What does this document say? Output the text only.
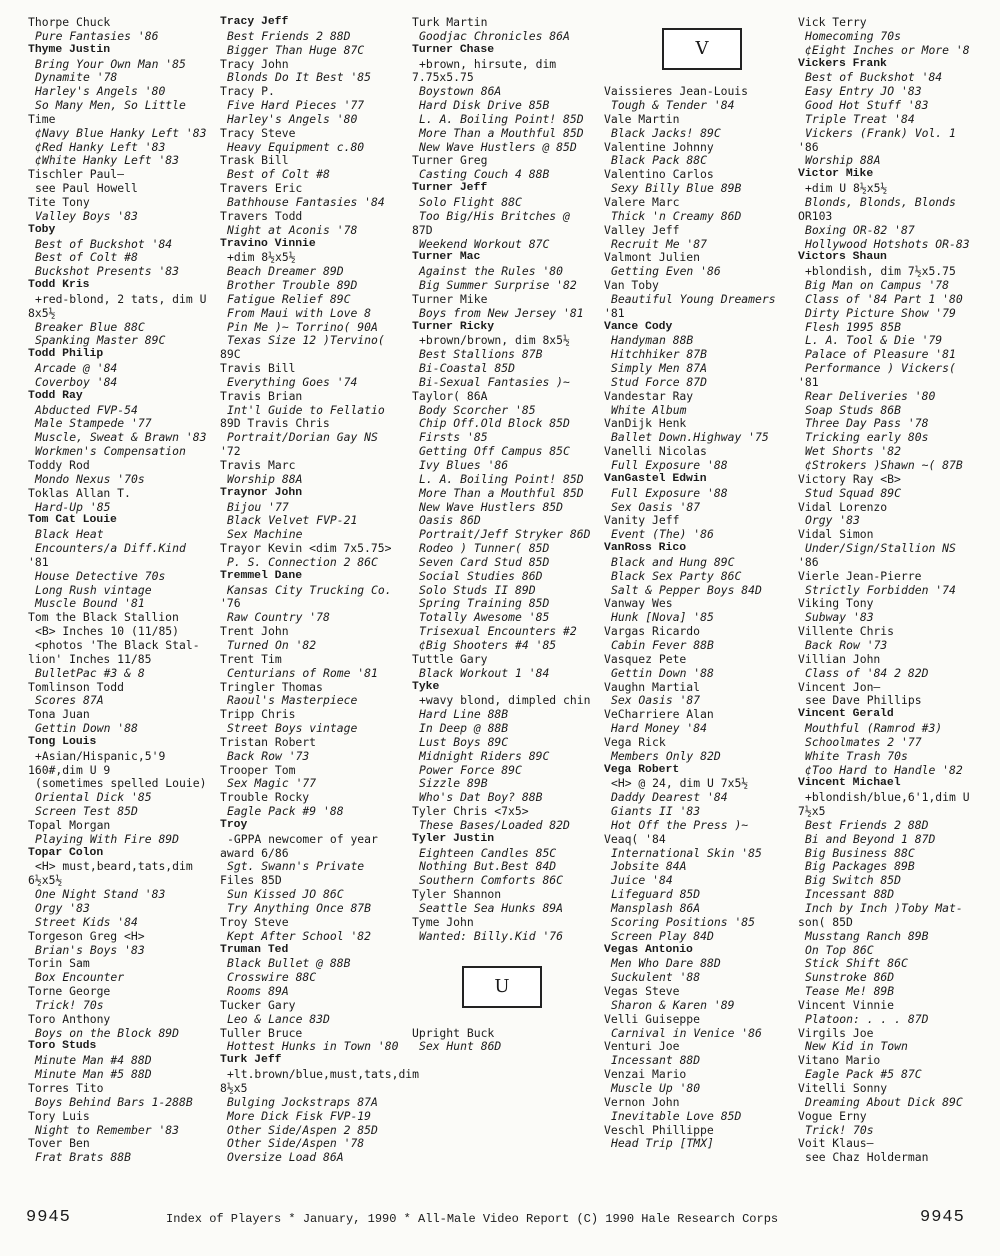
Thorpe Chuck
Pure Fantasies '86
Thyme Justin
Bring Your Own Man '85
Dynamite '78
Harley's Angels '80
So Many Men, So Little
Time
¢Navy Blue Hanky Left '83
¢Red Hanky Left '83
¢White Hanky Left '83
Tischler Paul—
see Paul Howell
Tite Tony
Valley Boys '83
Toby
Best of Buckshot '84
Best of Colt #8
Buckshot Presents '83
Todd Kris
+red-blond, 2 tats, dim U
8x5½
Breaker Blue 88C
Spanking Master 89C
Todd Philip
Arcade @ '84
Coverboy '84
Todd Ray
Abducted FVP-54
Male Stampede '77
Muscle, Sweat & Brawn '83
Workmen's Compensation
Toddy Rod
Mondo Nexus '70s
Toklas Allan T.
Hard-Up '85
Tom Cat Louie
Black Heat
Encounters/a Diff.Kind
'81
House Detective 70s
Long Rush vintage
Muscle Bound '81
Tom the Black Stallion
<B> Inches 10 (11/85)
<photos 'The Black Stal-
lion' Inches 11/85
BulletPac #3 & 8
Tomlinson Todd
Scores 87A
Tona Juan
Gettin Down '88
Tong Louis
+Asian/Hispanic,5'9
160#,dim U 9
(sometimes spelled Louie)
Oriental Dick '85
Screen Test 85D
Topal Morgan
Playing With Fire 89D
Topar Colon
<H> must,beard,tats,dim
6½x5½
One Night Stand '83
Orgy '83
Street Kids '84
Torgeson Greg <H>
Brian's Boys '83
Torin Sam
Box Encounter
Torne George
Trick! 70s
Toro Anthony
Boys on the Block 89D
Toro Studs
Minute Man #4 88D
Minute Man #5 88D
Torres Tito
Boys Behind Bars 1-288B
Tory Luis
Night to Remember '83
Tover Ben
Frat Brats 88B
Tracy Jeff
Best Friends 2 88D
Bigger Than Huge 87C
Tracy John
Blonds Do It Best '85
Tracy P.
Five Hard Pieces '77
Harley's Angels '80
Tracy Steve
Heavy Equipment c.80
Trask Bill
Best of Colt #8
Travers Eric
Bathhouse Fantasies '84
Travers Todd
Night at Aconis '78
Travino Vinnie
+dim 8½x5½
Beach Dreamer 89D
Brother Trouble 89D
Fatigue Relief 89C
From Maui with Love 8
Pin Me )~ Torrino( 90A
Texas Size 12 )Tervino(
89C
Travis Bill
Everything Goes '74
Travis Brian
Int'l Guide to Fellatio
89D Travis Chris
Portrait/Dorian Gay NS
'72
Travis Marc
Worship 88A
Traynor John
Bijou '77
Black Velvet FVP-21
Sex Machine
Trayor Kevin <dim 7x5.75>
P. S. Connection 2 86C
Tremmel Dane
Kansas City Trucking Co.
'76
Raw Country '78
Trent John
Turned On '82
Trent Tim
Centurians of Rome '81
Tringler Thomas
Raoul's Masterpiece
Tripp Chris
Street Boys vintage
Tristan Robert
Back Row '73
Trooper Tom
Sex Magic '77
Trouble Rocky
Eagle Pack #9 '88
Troy
-GPPA newcomer of year
award 6/86
Sgt. Swann's Private
Files 85D
Sun Kissed JO 86C
Try Anything Once 87B
Troy Steve
Kept After School '82
Truman Ted
Black Bullet @ 88B
Crosswire 88C
Rooms 89A
Tucker Gary
Leo & Lance 83D
Tuller Bruce
Hottest Hunks in Town '80
Turk Jeff
+lt.brown/blue,must,tats,dim
8½x5
Bulging Jockstraps 87A
More Dick Fisk FVP-19
Other Side/Aspen 2 85D
Other Side/Aspen '78
Oversize Load 86A
Turk Martin
Goodjac Chronicles 86A
Turner Chase
+brown, hirsute, dim
7.75x5.75
Boystown 86A
Hard Disk Drive 85B
L. A. Boiling Point! 85D
More Than a Mouthful 85D
New Wave Hustlers @ 85D
Turner Greg
Casting Couch 4 88B
Turner Jeff
Solo Flight 88C
Too Big/His Britches @
87D
Weekend Workout 87C
Turner Mac
Against the Rules '80
Big Summer Surprise '82
Turner Mike
Boys from New Jersey '81
Turner Ricky
+brown/brown, dim 8x5½
Best Stallions 87B
Bi-Coastal 85D
Bi-Sexual Fantasies )~
Taylor( 86A
Body Scorcher '85
Chip Off.Old Block 85D
Firsts '85
Getting Off Campus 85C
Ivy Blues '86
L. A. Boiling Point! 85D
More Than a Mouthful 85D
New Wave Hustlers 85D
Oasis 86D
Portrait/Jeff Stryker 86D
Rodeo ) Tunner( 85D
Seven Card Stud 85D
Social Studies 86D
Solo Studs II 89D
Spring Training 85D
Totally Awesome '85
Trisexual Encounters #2
¢Big Shooters #4 '85
Tuttle Gary
Black Workout 1 '84
Tyke
+wavy blond, dimpled chin
Hard Line 88B
In Deep @ 88B
Lust Boys 89C
Midnight Riders 89C
Power Force 89C
Sizzle 89B
Who's Dat Boy? 88B
Tyler Chris <7x5>
These Bases/Loaded 82D
Tyler Justin
Eighteen Candles 85C
Nothing But.Best 84D
Southern Comforts 86C
Tyler Shannon
Seattle Sea Hunks 89A
Tyme John
Wanted: Billy.Kid '76
Upright Buck
Sex Hunt 86D
Vaissieres Jean-Louis
Tough & Tender '84
Vale Martin
Black Jacks! 89C
Valentine Johnny
Black Pack 88C
Valentino Carlos
Sexy Billy Blue 89B
Valere Marc
Thick 'n Creamy 86D
Valley Jeff
Recruit Me '87
Valmont Julien
Getting Even '86
Van Toby
Beautiful Young Dreamers
'81
Vance Cody
Handyman 88B
Hitchhiker 87B
Simply Men 87A
Stud Force 87D
Vandestar Ray
White Album
VanDijk Henk
Ballet Down.Highway '75
Vanelli Nicolas
Full Exposure '88
VanGastel Edwin
Full Exposure '88
Sex Oasis '87
Vanity Jeff
Event (The) '86
VanRoss Rico
Black and Hung 89C
Black Sex Party 86C
Salt & Pepper Boys 84D
Vanway Wes
Hunk [Nova] '85
Vargas Ricardo
Cabin Fever 88B
Vasquez Pete
Gettin Down '88
Vaughn Martial
Sex Oasis '87
VeCharriere Alan
Hard Money '84
Vega Rick
Members Only 82D
Vega Robert
<H> @ 24, dim U 7x5½
Daddy Dearest '84
Giants II '83
Hot Off the Press )~
Veaq( '84
International Skin '85
Jobsite 84A
Juice '84
Lifeguard 85D
Mansplash 86A
Scoring Positions '85
Screen Play 84D
Vegas Antonio
Men Who Dare 88D
Suckulent '88
Vegas Steve
Sharon & Karen '89
Velli Guiseppe
Carnival in Venice '86
Venturi Joe
Incessant 88D
Venzai Mario
Muscle Up '80
Vernon John
Inevitable Love 85D
Veschl Phillippe
Head Trip [TMX]
Vick Terry
Homecoming 70s
¢Eight Inches or More '8
Vickers Frank
Best of Buckshot '84
Easy Entry JO '83
Good Hot Stuff '83
Triple Treat '84
Vickers (Frank) Vol. 1
'86
Worship 88A
Victor Mike
+dim U 8½x5½
Blonds, Blonds, Blonds
OR103
Boxing OR-82 '87
Hollywood Hotshots OR-83
Victors Shaun
+blondish, dim 7½x5.75
Big Man on Campus '78
Class of '84 Part 1 '80
Dirty Picture Show '79
Flesh 1995 85B
L. A. Tool & Die '79
Palace of Pleasure '81
Performance ) Vickers(
'81
Rear Deliveries '80
Soap Studs 86B
Three Day Pass '78
Tricking early 80s
Wet Shorts '82
¢Strokers )Shawn ~( 87B
Victory Ray <B>
Stud Squad 89C
Vidal Lorenzo
Orgy '83
Vidal Simon
Under/Sign/Stallion NS
'86
Vierle Jean-Pierre
Strictly Forbidden '74
Viking Tony
Subway '83
Villente Chris
Back Row '73
Villian John
Class of '84 2 82D
Vincent Jon—
see Dave Phillips
Vincent Gerald
Mouthful (Ramrod #3)
Schoolmates 2 '77
White Trash 70s
¢Too Hard to Handle '82
Vincent Michael
+blondish/blue,6'1,dim U
7½x5
Best Friends 2 88D
Bi and Beyond 1 87D
Big Business 88C
Big Packages 89B
Big Switch 85D
Incessant 88D
Inch by Inch )Toby Mat-
son( 85D
Musstang Ranch 89B
On Top 86C
Stick Shift 86C
Sunstroke 86D
Tease Me! 89B
Vincent Vinnie
Platoon: . . . 87D
Virgils Joe
New Kid in Town
Vitano Mario
Eagle Pack #5 87C
Vitelli Sonny
Dreaming About Dick 89C
Vogue Erny
Trick! 70s
Voit Klaus—
see Chaz Holderman
V
U
9945	Index of Players * January, 1990 * All-Male Video Report (C) 1990 Hale Research Corps	9945
